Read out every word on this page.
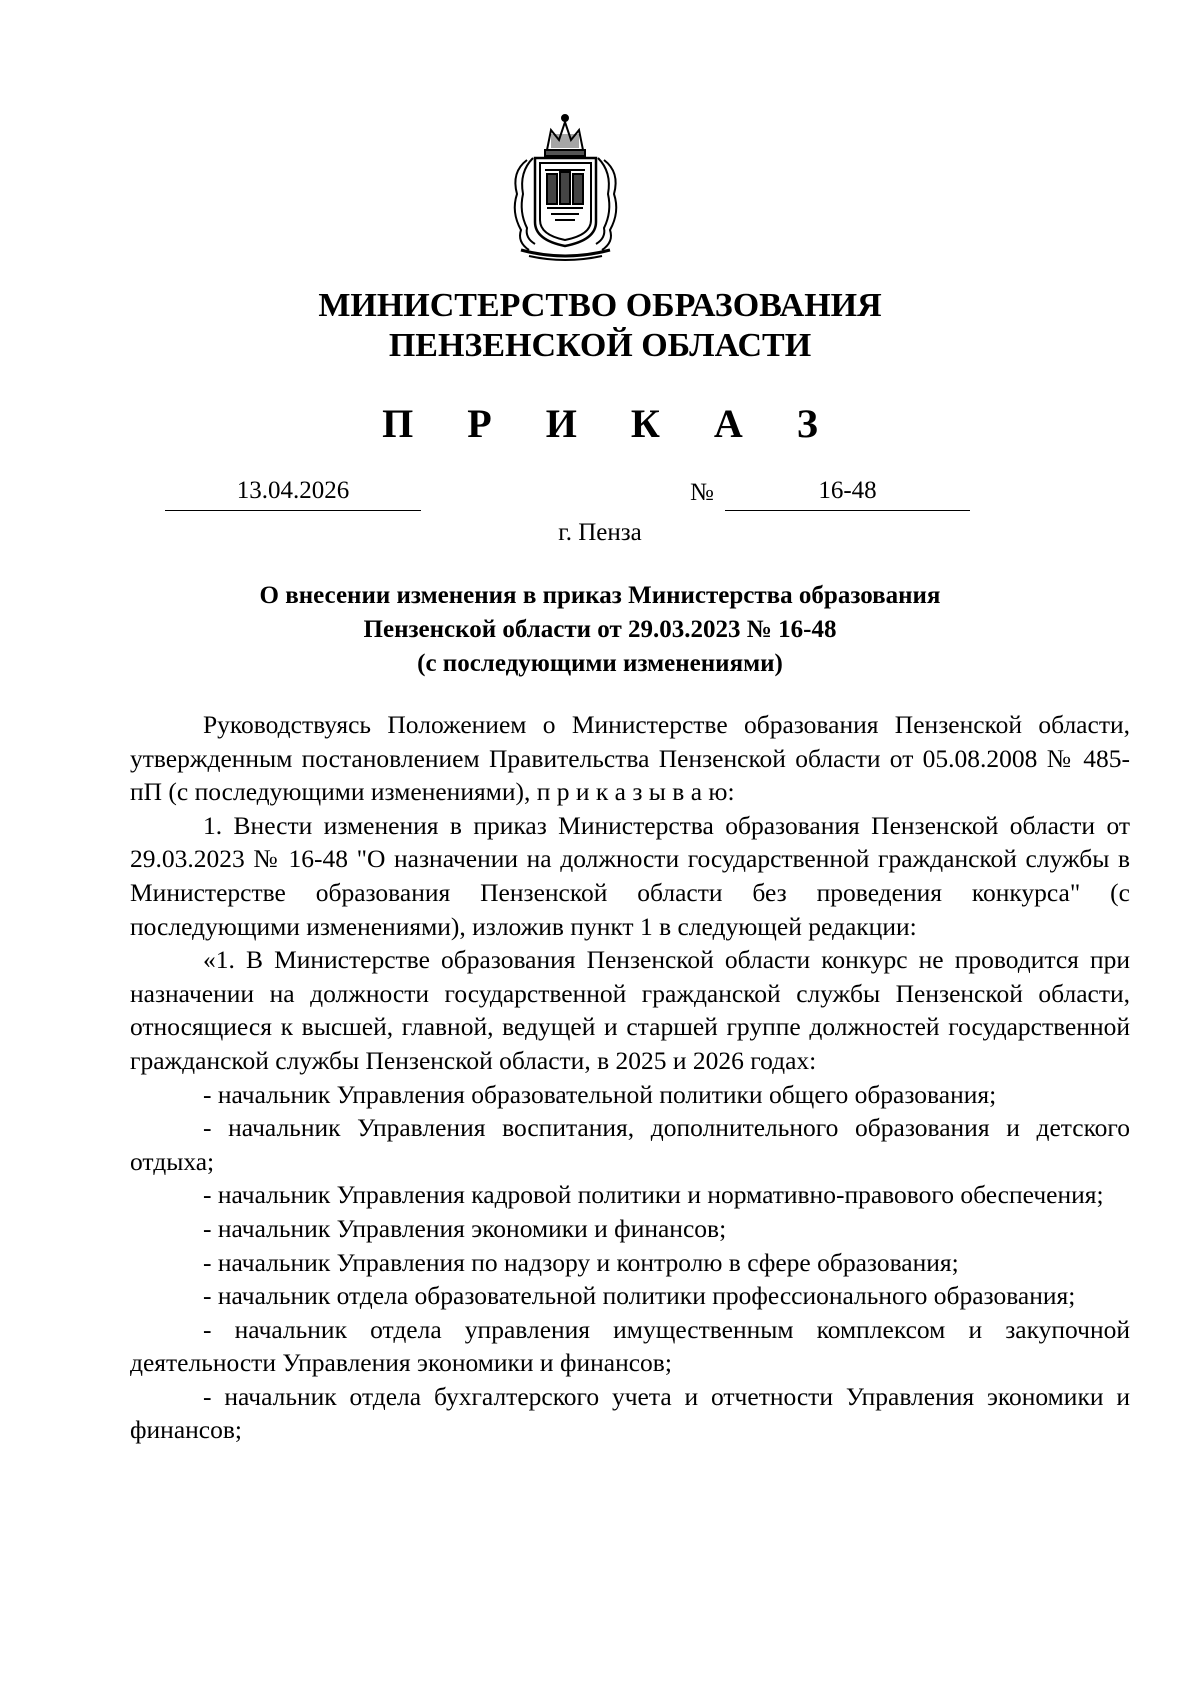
МИНИСТЕРСТВО ОБРАЗОВАНИЯ
ПЕНЗЕНСКОЙ ОБЛАСТИ
П Р И К А З
13.04.2026	№	16-48
г. Пенза
О внесении изменения в приказ Министерства образования
Пензенской области от 29.03.2023 № 16-48
(с последующими изменениями)

Руководствуясь Положением о Министерстве образования Пензенской области, утвержденным постановлением Правительства Пензенской области от 05.08.2008 № 485-пП (с последующими изменениями), п р и к а з ы в а ю:

1. Внести изменения в приказ Министерства образования Пензенской области от 29.03.2023 № 16-48 "О назначении на должности государственной гражданской службы в Министерстве образования Пензенской области без проведения конкурса" (с последующими изменениями), изложив пункт 1 в следующей редакции:

«1. В Министерстве образования Пензенской области конкурс не проводится при назначении на должности государственной гражданской службы Пензенской области, относящиеся к высшей, главной, ведущей и старшей группе должностей государственной гражданской службы Пензенской области, в 2025 и 2026 годах:

- начальник Управления образовательной политики общего образования;

- начальник Управления воспитания, дополнительного образования и детского отдыха;

- начальник Управления кадровой политики и нормативно-правового обеспечения;

- начальник Управления экономики и финансов;

- начальник Управления по надзору и контролю в сфере образования;

- начальник отдела образовательной политики профессионального образования;

- начальник отдела управления имущественным комплексом и закупочной деятельности Управления экономики и финансов;

- начальник отдела бухгалтерского учета и отчетности Управления экономики и финансов;
